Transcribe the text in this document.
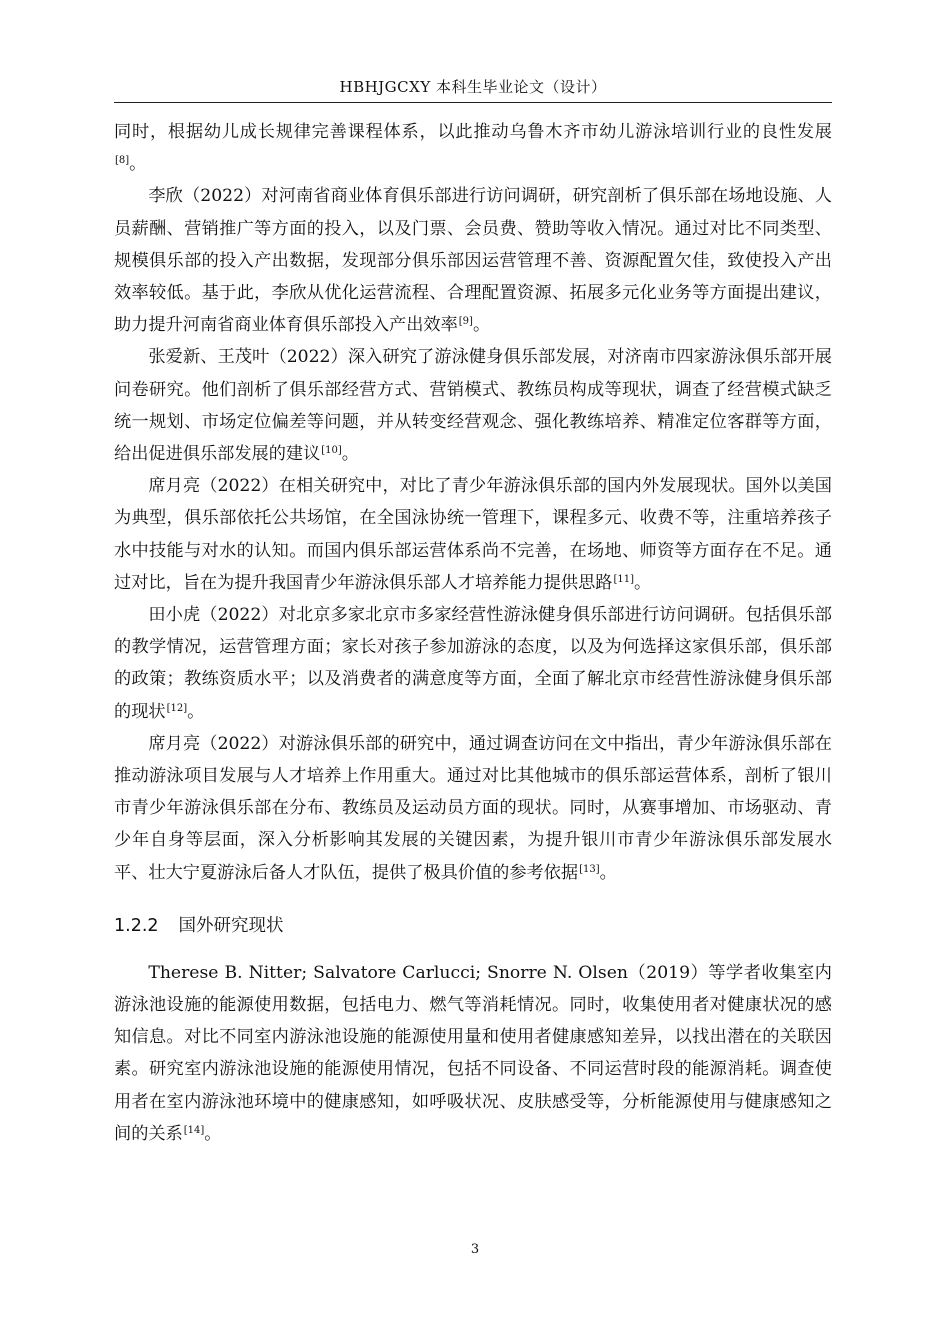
HBHJGCXY 本科生毕业论文（设计）

同时，根据幼儿成长规律完善课程体系，以此推动乌鲁木齐市幼儿游泳培训行业的良性发展[8]。

李欣（2022）对河南省商业体育俱乐部进行访问调研，研究剖析了俱乐部在场地设施、人员薪酬、营销推广等方面的投入，以及门票、会员费、赞助等收入情况。通过对比不同类型、规模俱乐部的投入产出数据，发现部分俱乐部因运营管理不善、资源配置欠佳，致使投入产出效率较低。基于此，李欣从优化运营流程、合理配置资源、拓展多元化业务等方面提出建议，助力提升河南省商业体育俱乐部投入产出效率[9]。

张爱新、王茂叶（2022）深入研究了游泳健身俱乐部发展，对济南市四家游泳俱乐部开展问卷研究。他们剖析了俱乐部经营方式、营销模式、教练员构成等现状，调查了经营模式缺乏统一规划、市场定位偏差等问题，并从转变经营观念、强化教练培养、精准定位客群等方面，给出促进俱乐部发展的建议[10]。

席月亮（2022）在相关研究中，对比了青少年游泳俱乐部的国内外发展现状。国外以美国为典型，俱乐部依托公共场馆，在全国泳协统一管理下，课程多元、收费不等，注重培养孩子水中技能与对水的认知。而国内俱乐部运营体系尚不完善，在场地、师资等方面存在不足。通过对比，旨在为提升我国青少年游泳俱乐部人才培养能力提供思路[11]。

田小虎（2022）对北京多家北京市多家经营性游泳健身俱乐部进行访问调研。包括俱乐部的教学情况，运营管理方面；家长对孩子参加游泳的态度，以及为何选择这家俱乐部，俱乐部的政策；教练资质水平；以及消费者的满意度等方面，全面了解北京市经营性游泳健身俱乐部的现状[12]。

席月亮（2022）对游泳俱乐部的研究中，通过调查访问在文中指出，青少年游泳俱乐部在推动游泳项目发展与人才培养上作用重大。通过对比其他城市的俱乐部运营体系，剖析了银川市青少年游泳俱乐部在分布、教练员及运动员方面的现状。同时，从赛事增加、市场驱动、青少年自身等层面，深入分析影响其发展的关键因素，为提升银川市青少年游泳俱乐部发展水平、壮大宁夏游泳后备人才队伍，提供了极具价值的参考依据[13]。

1.2.2 国外研究现状

Therese B. Nitter; Salvatore Carlucci; Snorre N. Olsen（2019）等学者收集室内游泳池设施的能源使用数据，包括电力、燃气等消耗情况。同时，收集使用者对健康状况的感知信息。对比不同室内游泳池设施的能源使用量和使用者健康感知差异，以找出潜在的关联因素。研究室内游泳池设施的能源使用情况，包括不同设备、不同运营时段的能源消耗。调查使用者在室内游泳池环境中的健康感知，如呼吸状况、皮肤感受等，分析能源使用与健康感知之间的关系[14]。

3
